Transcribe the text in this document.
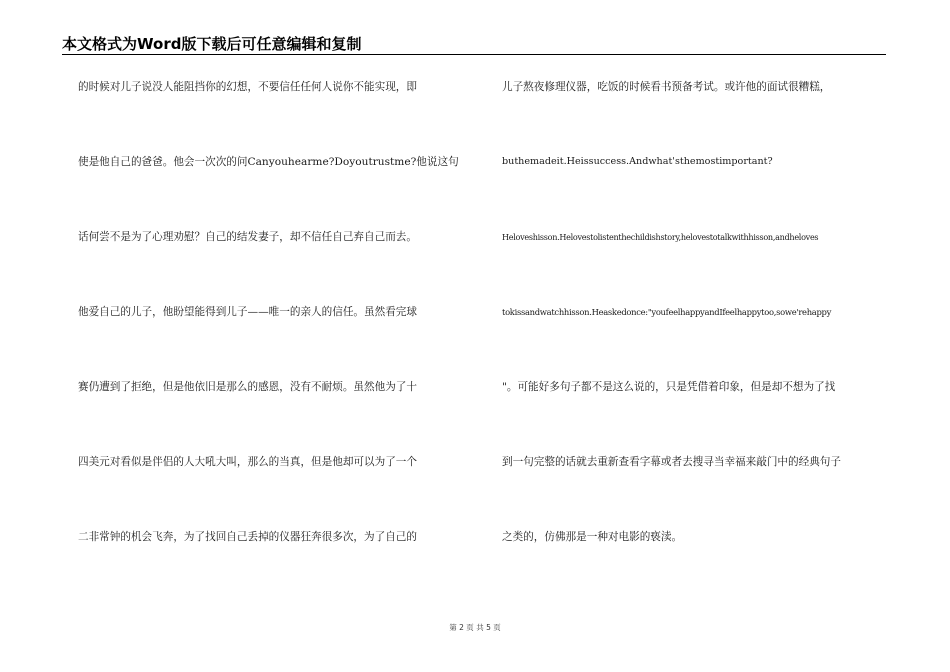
本文格式为Word版下载后可任意编辑和复制
的时候对儿子说没人能阻挡你的幻想，不要信任任何人说你不能实现，即
使是他自己的爸爸。他会一次次的问Canyouhearme?Doyoutrustme?他说这句
话何尝不是为了心理劝慰？自己的结发妻子，却不信任自己弃自己而去。
他爱自己的儿子，他盼望能得到儿子——唯一的亲人的信任。虽然看完球
赛仍遭到了拒绝，但是他依旧是那么的感恩，没有不耐烦。虽然他为了十
四美元对看似是伴侣的人大吼大叫，那么的当真，但是他却可以为了一个
二非常钟的机会飞奔，为了找回自己丢掉的仪器狂奔很多次，为了自己的
儿子熬夜修理仪器，吃饭的时候看书预备考试。或许他的面试很糟糕，
buthemadeit.Heissuccess.Andwhat'sthemostimportant?
Heloveshisson.Helovestolistenthechildishstory,helovestotalkwithhisson,andheloves
tokissandwatchhisson.Heaskedonce:"youfeelhappyandIfeelhappytoo,sowe'rehappy
"。可能好多句子都不是这么说的，只是凭借着印象，但是却不想为了找
到一句完整的话就去重新查看字幕或者去搜寻当幸福来敲门中的经典句子
之类的，仿佛那是一种对电影的亵渎。
第 2 页 共 5 页
